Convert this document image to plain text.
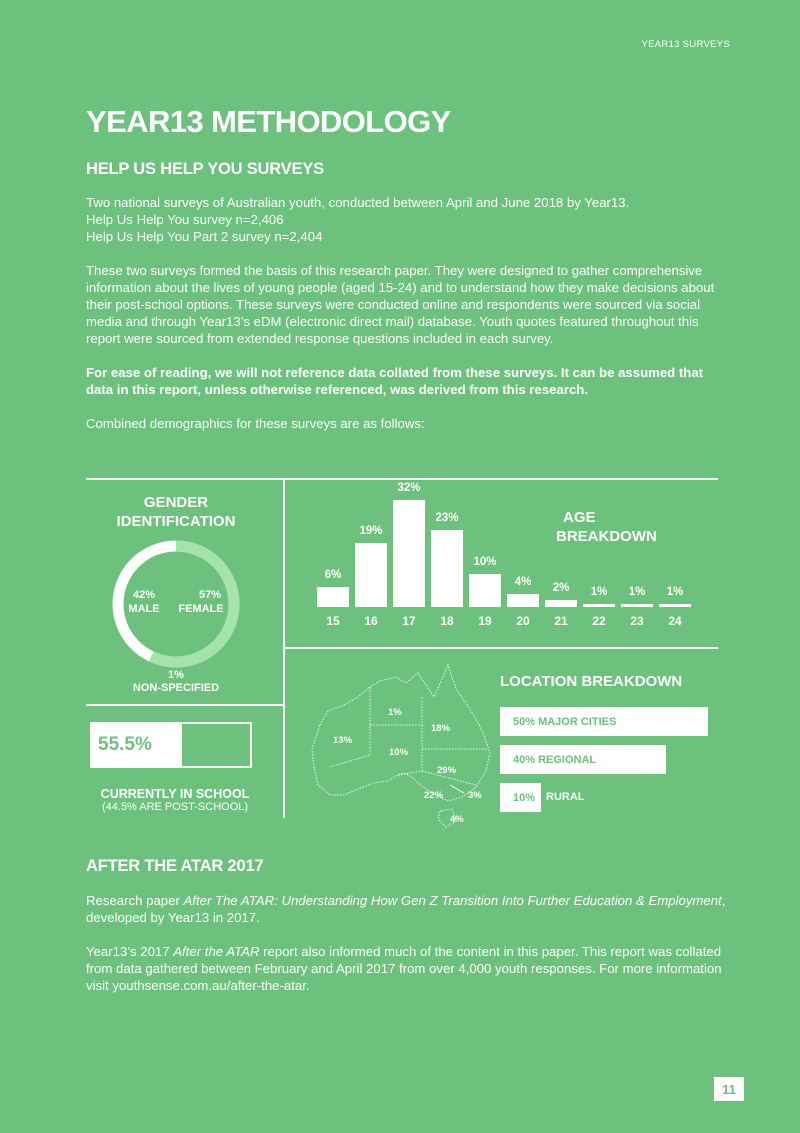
YEAR13 SURVEYS
YEAR13 METHODOLOGY
HELP US HELP YOU SURVEYS

Two national surveys of Australian youth, conducted between April and June 2018 by Year13.
Help Us Help You survey n=2,406
Help Us Help You Part 2 survey n=2,404

These two surveys formed the basis of this research paper. They were designed to gather comprehensive information about the lives of young people (aged 15-24) and to understand how they make decisions about their post-school options. These surveys were conducted online and respondents were sourced via social media and through Year13’s eDM (electronic direct mail) database. Youth quotes featured throughout this report were sourced from extended response questions included in each survey.

For ease of reading, we will not reference data collated from these surveys. It can be assumed that data in this report, unless otherwise referenced, was derived from this research.

Combined demographics for these surveys are as follows:

GENDER
IDENTIFICATION
42%
MALE
57%
FEMALE
1%
NON-SPECIFIED
55.5%
CURRENTLY IN SCHOOL
(44.5% ARE POST-SCHOOL)
AGE
BREAKDOWN
6%
15
19%
16
32%
17
23%
18
10%
19
4%
20
2%
21
1%
22
1%
23
1%
24
LOCATION BREAKDOWN
1%
18%
13%
10%
29%
22%	3%
4%
50% MAJOR CITIES
40% REGIONAL
10% RURAL
AFTER THE ATAR 2017

Research paper After The ATAR: Understanding How Gen Z Transition Into Further Education & Employment, developed by Year13 in 2017.

Year13’s 2017 After the ATAR report also informed much of the content in this paper. This report was collated from data gathered between February and April 2017 from over 4,000 youth responses. For more information visit youthsense.com.au/after-the-atar.

11
